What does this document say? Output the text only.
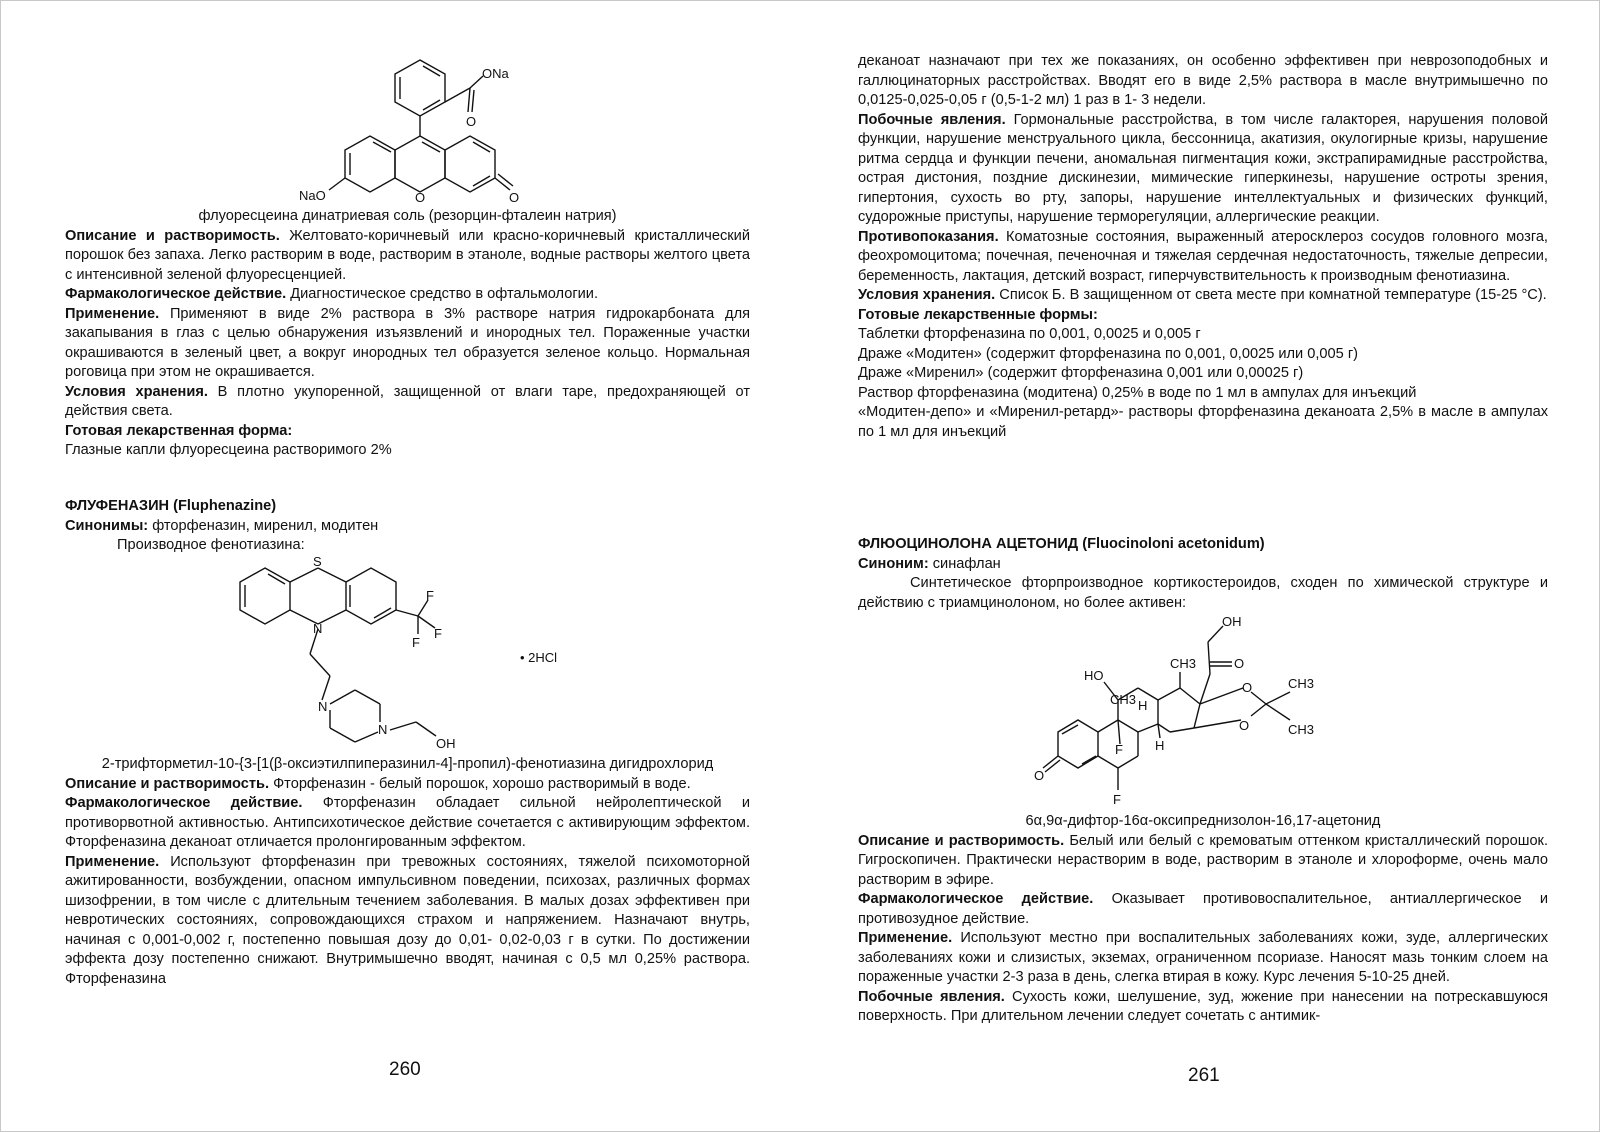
ONa
O
NaO	O	O

флуоресцеина динатриевая соль (резорцин-фталеин натрия)

Описание и растворимость. Желтовато-коричневый или красно-коричневый кристаллический порошок без запаха. Легко растворим в воде, растворим в этаноле, водные растворы желтого цвета с интенсивной зеленой флуоресценцией.

Фармакологическое действие. Диагностическое средство в офтальмологии.

Применение. Применяют в виде 2% раствора в 3% растворе натрия гидрокарбоната для закапывания в глаз с целью обнаружения изъязвлений и инородных тел. Пораженные участки окрашиваются в зеленый цвет, а вокруг инородных тел образуется зеленое кольцо. Нормальная роговица при этом не окрашивается.

Условия хранения. В плотно укупоренной, защищенной от влаги таре, предохраняющей от действия света.

Готовая лекарственная форма:

Глазные капли флуоресцеина растворимого 2%

ФЛУФЕНАЗИН (Fluphenazine)

Синонимы: фторфеназин, миренил, модитен

Производное фенотиазина:

S
N
F
F
F
N
N
OH
• 2HCl

2-трифторметил-10-{3-[1(β-оксиэтилпиперазинил-4]-пропил)-фенотиазина дигидрохлорид

Описание и растворимость. Фторфеназин - белый порошок, хорошо растворимый в воде.

Фармакологическое действие. Фторфеназин обладает сильной нейролептической и противорвотной активностью. Антипсихотическое действие сочетается с активирующим эффектом. Фторфеназина деканоат отличается пролонгированным эффектом.

Применение. Используют фторфеназин при тревожных состояниях, тяжелой психомоторной ажитированности, возбуждении, опасном импульсивном поведении, психозах, различных формах шизофрении, в том числе с длительным течением заболевания. В малых дозах эффективен при невротических состояниях, сопровождающихся страхом и напряжением. Назначают внутрь, начиная с 0,001-0,002 г, постепенно повышая дозу до 0,01- 0,02-0,03 г в сутки. По достижении эффекта дозу постепенно снижают. Внутримышечно вводят, начиная с 0,5 мл 0,25% раствора. Фторфеназина

260

деканоат назначают при тех же показаниях, он особенно эффективен при неврозоподобных и галлюцинаторных расстройствах. Вводят его в виде 2,5% раствора в масле внутримышечно по 0,0125-0,025-0,05 г (0,5-1-2 мл) 1 раз в 1- 3 недели.

Побочные явления. Гормональные расстройства, в том числе галакторея, нарушения половой функции, нарушение менструального цикла, бессонница, акатизия, окулогирные кризы, нарушение ритма сердца и функции печени, аномальная пигментация кожи, экстрапирамидные расстройства, острая дистония, поздние дискинезии, мимические гиперкинезы, нарушение остроты зрения, гипертония, сухость во рту, запоры, нарушение интеллектуальных и физических функций, судорожные приступы, нарушение терморегуляции, аллергические реакции.

Противопоказания. Коматозные состояния, выраженный атеросклероз сосудов головного мозга, феохромоцитома; почечная, печеночная и тяжелая сердечная недостаточность, тяжелые депресии, беременность, лактация, детский возраст, гиперчувствительность к производным фенотиазина.

Условия хранения. Список Б. В защищенном от света месте при комнатной температуре (15-25 °С).

Готовые лекарственные формы:

Таблетки фторфеназина по 0,001, 0,0025 и 0,005 г

Драже «Модитен» (содержит фторфеназина по 0,001, 0,0025 или 0,005 г)

Драже «Миренил» (содержит фторфеназина 0,001 или 0,00025 г)

Раствор фторфеназина (модитена) 0,25% в воде по 1 мл в ампулах для инъекций

«Модитен-депо» и «Миренил-ретард»- растворы фторфеназина деканоата 2,5% в масле в ампулах по 1 мл для инъекций

ФЛЮОЦИНОЛОНА АЦЕТОНИД (Fluocinoloni acetonidum)

Синоним: синафлан

Синтетическое фторпроизводное кортикостероидов, сходен по химической структуре и действию с триамцинолоном, но более активен:

OH
HO
CH3
CH3
O
O	CH3
CH3
O
H
H
F
F
O

6α,9α-дифтор-16α-оксипреднизолон-16,17-ацетонид

Описание и растворимость. Белый или белый с кремоватым оттенком кристаллический порошок. Гигроскопичен. Практически нерастворим в воде, растворим в этаноле и хлороформе, очень мало растворим в эфире.

Фармакологическое действие. Оказывает противовоспалительное, антиаллергическое и противозудное действие.

Применение. Используют местно при воспалительных заболеваниях кожи, зуде, аллергических заболеваниях кожи и слизистых, экземах, ограниченном псориазе. Наносят мазь тонким слоем на пораженные участки 2-3 раза в день, слегка втирая в кожу. Курс лечения 5-10-25 дней.

Побочные явления. Сухость кожи, шелушение, зуд, жжение при нанесении на потрескавшуюся поверхность. При длительном лечении следует сочетать с антимик-

261
